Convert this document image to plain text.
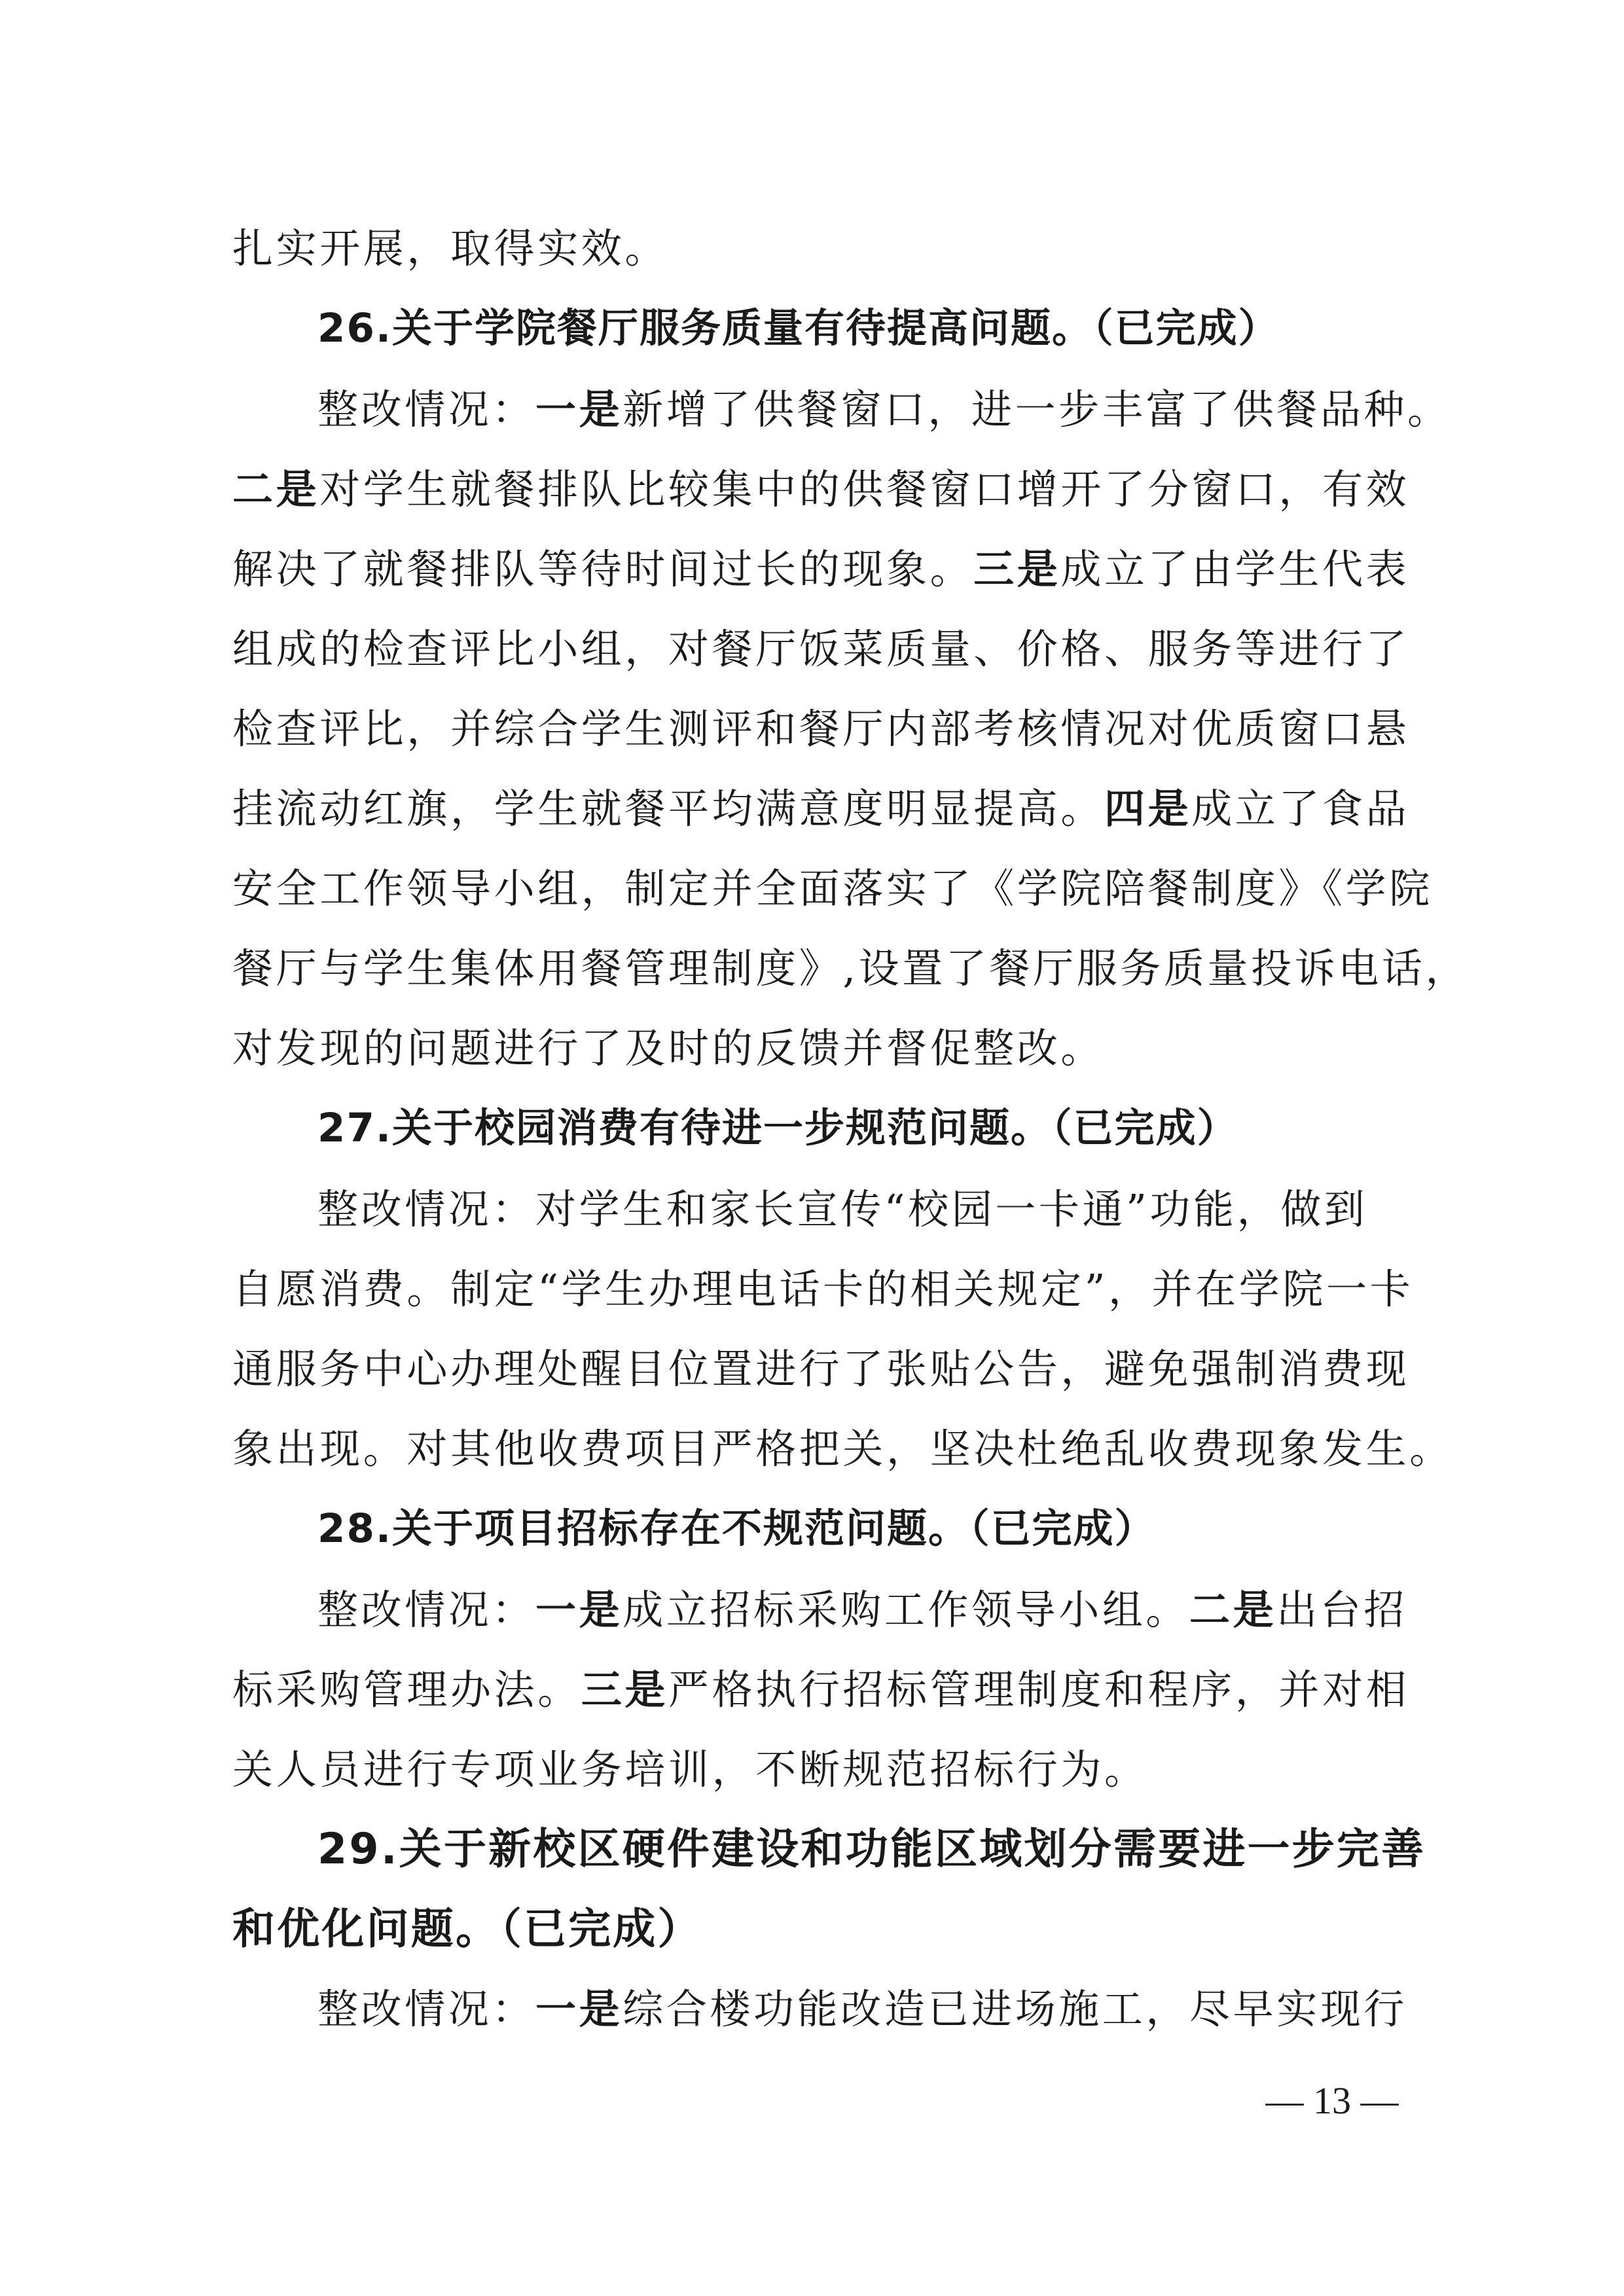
扎实开展，取得实效。
26.关于学院餐厅服务质量有待提高问题。（已完成）
整改情况：一是新增了供餐窗口，进一步丰富了供餐品种。
二是对学生就餐排队比较集中的供餐窗口增开了分窗口，有效
解决了就餐排队等待时间过长的现象。三是成立了由学生代表
组成的检查评比小组，对餐厅饭菜质量、价格、服务等进行了
检查评比，并综合学生测评和餐厅内部考核情况对优质窗口悬
挂流动红旗，学生就餐平均满意度明显提高。四是成立了食品
安全工作领导小组，制定并全面落实了《学院陪餐制度》《学院
餐厅与学生集体用餐管理制度》,设置了餐厅服务质量投诉电话，
对发现的问题进行了及时的反馈并督促整改。
27.关于校园消费有待进一步规范问题。（已完成）
整改情况：对学生和家长宣传“校园一卡通”功能，做到
自愿消费。制定“学生办理电话卡的相关规定”，并在学院一卡
通服务中心办理处醒目位置进行了张贴公告，避免强制消费现
象出现。对其他收费项目严格把关，坚决杜绝乱收费现象发生。
28.关于项目招标存在不规范问题。（已完成）
整改情况：一是成立招标采购工作领导小组。二是出台招
标采购管理办法。三是严格执行招标管理制度和程序，并对相
关人员进行专项业务培训，不断规范招标行为。
29.关于新校区硬件建设和功能区域划分需要进一步完善
和优化问题。（已完成）
整改情况：一是综合楼功能改造已进场施工，尽早实现行
— 13 —
